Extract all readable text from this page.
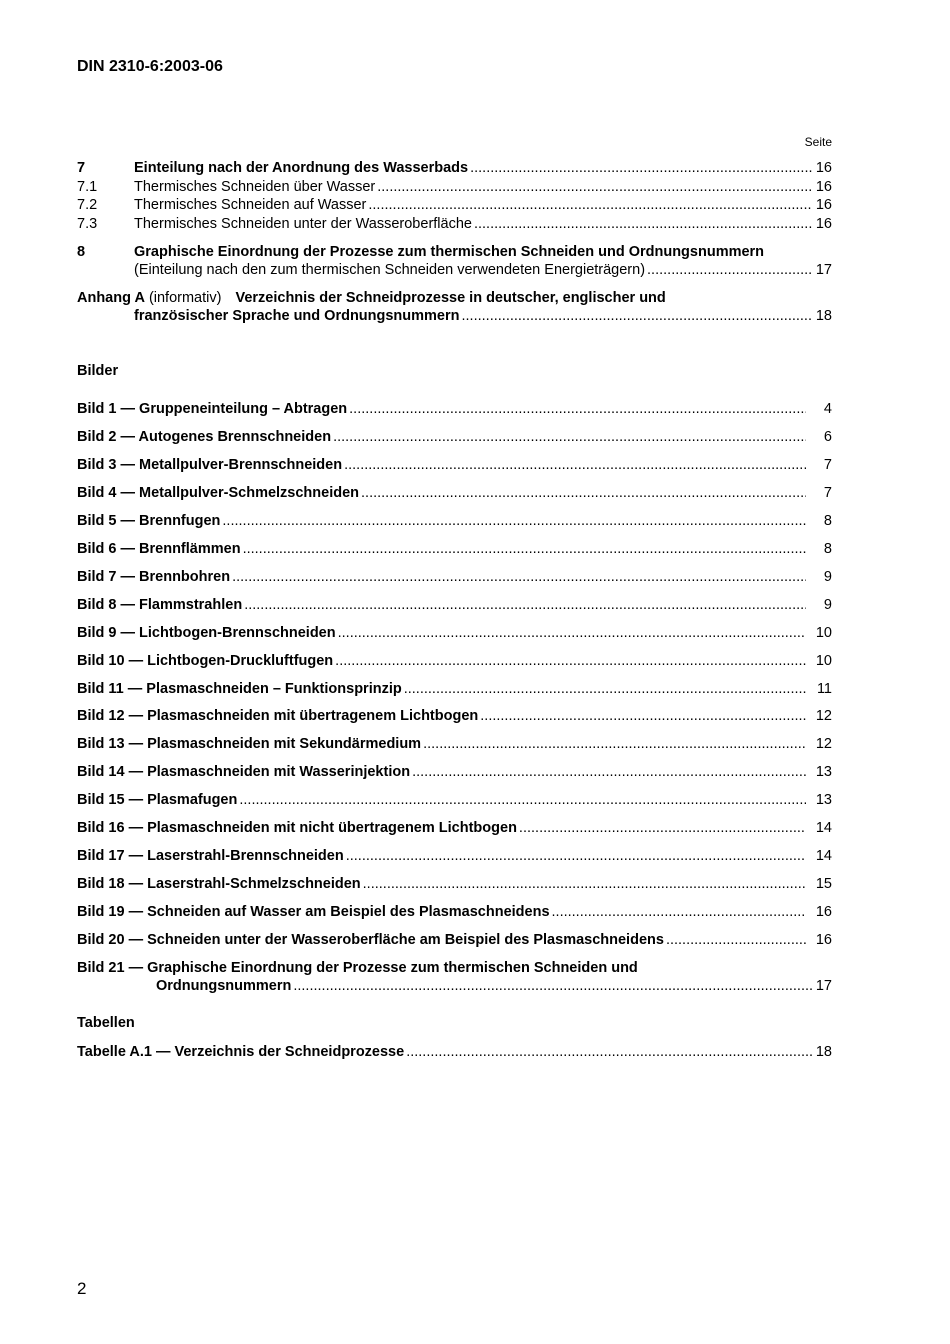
DIN 2310-6:2003-06
Seite
7	Einteilung nach der Anordnung des Wasserbads .....	16
7.1	Thermisches Schneiden über Wasser .....	16
7.2	Thermisches Schneiden auf Wasser .....	16
7.3	Thermisches Schneiden unter der Wasseroberfläche .....	16
8	Graphische Einordnung der Prozesse zum thermischen Schneiden und Ordnungsnummern
(Einteilung nach den zum thermischen Schneiden verwendeten Energieträgern) .....	17
Anhang A (informativ) Verzeichnis der Schneidprozesse in deutscher, englischer und
französischer Sprache und Ordnungsnummern .....	18
Bilder
Bild 1 — Gruppeneinteilung – Abtragen .....	4
Bild 2 — Autogenes Brennschneiden .....	6
Bild 3 — Metallpulver-Brennschneiden .....	7
Bild 4 — Metallpulver-Schmelzschneiden .....	7
Bild 5 — Brennfugen .....	8
Bild 6 — Brennflämmen .....	8
Bild 7 — Brennbohren .....	9
Bild 8 — Flammstrahlen .....	9
Bild 9 — Lichtbogen-Brennschneiden .....	10
Bild 10 — Lichtbogen-Druckluftfugen .....	10
Bild 11 — Plasmaschneiden – Funktionsprinzip .....	11
Bild 12 — Plasmaschneiden mit übertragenem Lichtbogen .....	12
Bild 13 — Plasmaschneiden mit Sekundärmedium .....	12
Bild 14 — Plasmaschneiden mit Wasserinjektion .....	13
Bild 15 — Plasmafugen .....	13
Bild 16 — Plasmaschneiden mit nicht übertragenem Lichtbogen .....	14
Bild 17 — Laserstrahl-Brennschneiden .....	14
Bild 18 — Laserstrahl-Schmelzschneiden .....	15
Bild 19 — Schneiden auf Wasser am Beispiel des Plasmaschneidens .....	16
Bild 20 — Schneiden unter der Wasseroberfläche am Beispiel des Plasmaschneidens .....	16
Bild 21 — Graphische Einordnung der Prozesse zum thermischen Schneiden und
Ordnungsnummern .....	17
Tabellen
Tabelle A.1 — Verzeichnis der Schneidprozesse .....	18
2
